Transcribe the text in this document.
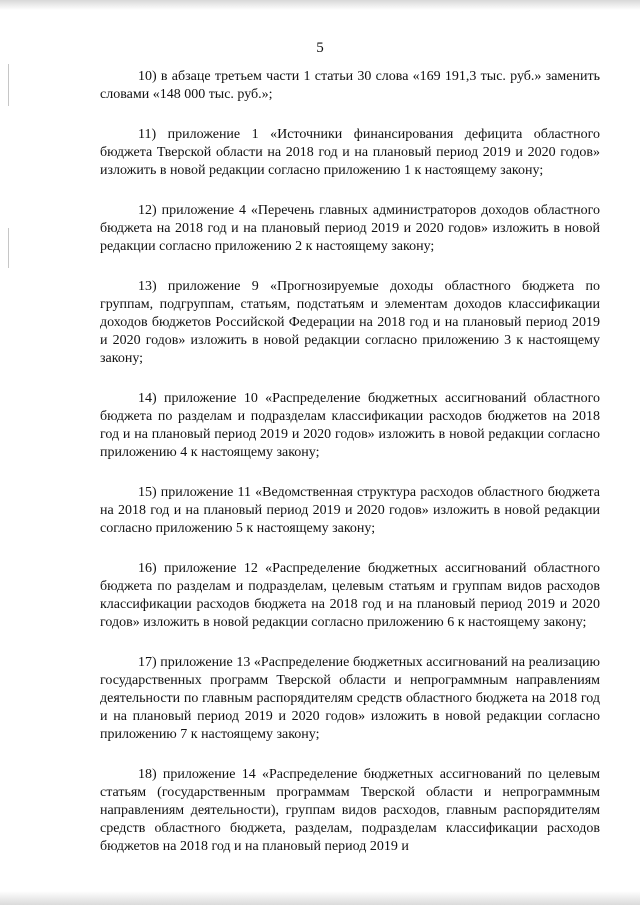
5

10) в абзаце третьем части 1 статьи 30 слова «169 191,3 тыс. руб.» заменить словами «148 000 тыс. руб.»;

11) приложение 1 «Источники финансирования дефицита областного бюджета Тверской области на 2018 год и на плановый период 2019 и 2020 годов» изложить в новой редакции согласно приложению 1 к настоящему закону;

12) приложение 4 «Перечень главных администраторов доходов областного бюджета на 2018 год и на плановый период 2019 и 2020 годов» изложить в новой редакции согласно приложению 2 к настоящему закону;

13) приложение 9 «Прогнозируемые доходы областного бюджета по группам, подгруппам, статьям, подстатьям и элементам доходов классификации доходов бюджетов Российской Федерации на 2018 год и на плановый период 2019 и 2020 годов» изложить в новой редакции согласно приложению 3 к настоящему закону;

14) приложение 10 «Распределение бюджетных ассигнований областного бюджета по разделам и подразделам классификации расходов бюджетов на 2018 год и на плановый период 2019 и 2020 годов» изложить в новой редакции согласно приложению 4 к настоящему закону;

15) приложение 11 «Ведомственная структура расходов областного бюджета на 2018 год и на плановый период 2019 и 2020 годов» изложить в новой редакции согласно приложению 5 к настоящему закону;

16) приложение 12 «Распределение бюджетных ассигнований областного бюджета по разделам и подразделам, целевым статьям и группам видов расходов классификации расходов бюджета на 2018 год и на плановый период 2019 и 2020 годов» изложить в новой редакции согласно приложению 6 к настоящему закону;

17) приложение 13 «Распределение бюджетных ассигнований на реализацию государственных программ Тверской области и непрограммным направлениям деятельности по главным распорядителям средств областного бюджета на 2018 год и на плановый период 2019 и 2020 годов» изложить в новой редакции согласно приложению 7 к настоящему закону;

18) приложение 14 «Распределение бюджетных ассигнований по целевым статьям (государственным программам Тверской области и непрограммным направлениям деятельности), группам видов расходов, главным распорядителям средств областного бюджета, разделам, подразделам классификации расходов бюджетов на 2018 год и на плановый период 2019 и
